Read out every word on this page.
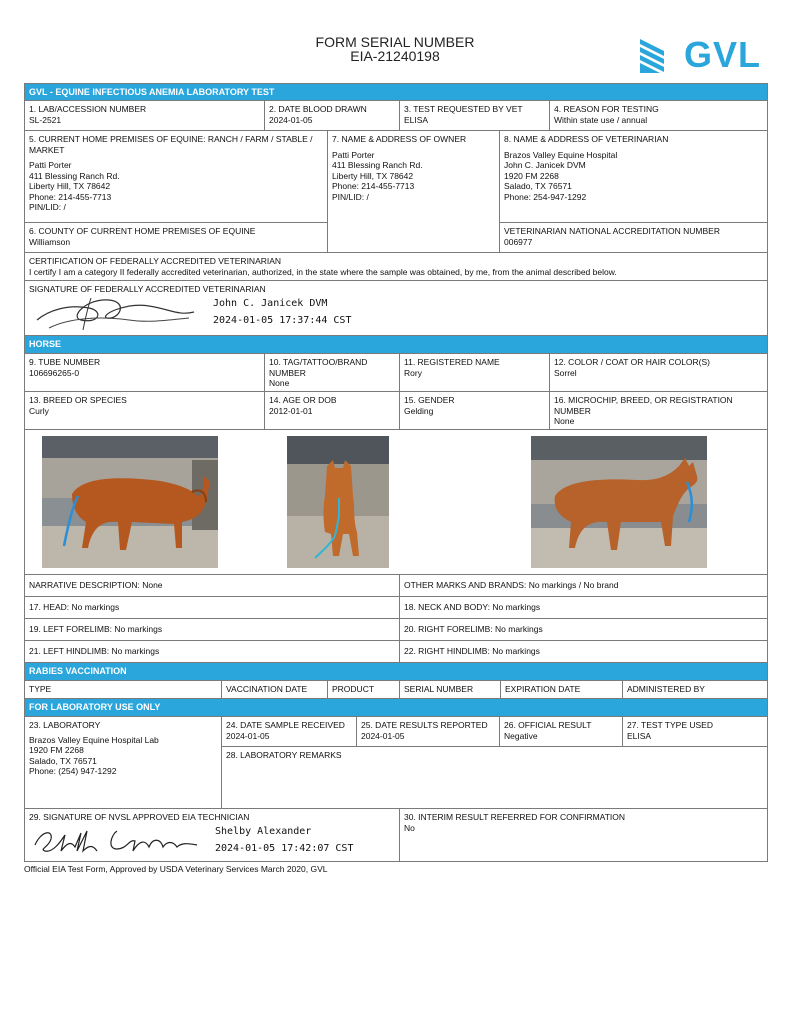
FORM SERIAL NUMBER
EIA-21240198	GVL
GVL - EQUINE INFECTIOUS ANEMIA LABORATORY TEST
1. LAB/ACCESSION NUMBER
SL-2521
2. DATE BLOOD DRAWN
2024-01-05
3. TEST REQUESTED BY VET
ELISA
4. REASON FOR TESTING
Within state use / annual
5. CURRENT HOME PREMISES OF EQUINE: RANCH / FARM / STABLE / MARKET
Patti Porter
411 Blessing Ranch Rd.
Liberty Hill, TX 78642
Phone: 214-455-7713
PIN/LID: /
6. COUNTY OF CURRENT HOME PREMISES OF EQUINE
Williamson
7. NAME & ADDRESS OF OWNER
Patti Porter
411 Blessing Ranch Rd.
Liberty Hill, TX 78642
Phone: 214-455-7713
PIN/LID: /
8. NAME & ADDRESS OF VETERINARIAN
Brazos Valley Equine Hospital
John C. Janicek DVM
1920 FM 2268
Salado, TX 76571
Phone: 254-947-1292
VETERINARIAN NATIONAL ACCREDITATION NUMBER
006977
CERTIFICATION OF FEDERALLY ACCREDITED VETERINARIAN
I certify I am a category II federally accredited veterinarian, authorized, in the state where the sample was obtained, by me, from the animal described below.
SIGNATURE OF FEDERALLY ACCREDITED VETERINARIAN
John C. Janicek DVM
2024-01-05 17:37:44 CST
HORSE
9. TUBE NUMBER
106696265-0
10. TAG/TATTOO/BRAND NUMBER
None
11. REGISTERED NAME
Rory
12. COLOR / COAT OR HAIR COLOR(S)
Sorrel
13. BREED OR SPECIES
Curly
14. AGE OR DOB
2012-01-01
15. GENDER
Gelding
16. MICROCHIP, BREED, OR REGISTRATION NUMBER
None
NARRATIVE DESCRIPTION: None	OTHER MARKS AND BRANDS: No markings / No brand
17. HEAD: No markings	18. NECK AND BODY: No markings
19. LEFT FORELIMB: No markings	20. RIGHT FORELIMB: No markings
21. LEFT HINDLIMB: No markings	22. RIGHT HINDLIMB: No markings
RABIES VACCINATION
TYPE	VACCINATION DATE	PRODUCT	SERIAL NUMBER	EXPIRATION DATE	ADMINISTERED BY
FOR LABORATORY USE ONLY
23. LABORATORY
Brazos Valley Equine Hospital Lab
1920 FM 2268
Salado, TX 76571
Phone: (254) 947-1292
24. DATE SAMPLE RECEIVED
2024-01-05
25. DATE RESULTS REPORTED
2024-01-05
26. OFFICIAL RESULT
Negative
27. TEST TYPE USED
ELISA
28. LABORATORY REMARKS
29. SIGNATURE OF NVSL APPROVED EIA TECHNICIAN
Shelby Alexander
2024-01-05 17:42:07 CST
30. INTERIM RESULT REFERRED FOR CONFIRMATION
No
Official EIA Test Form, Approved by USDA Veterinary Services March 2020, GVL
